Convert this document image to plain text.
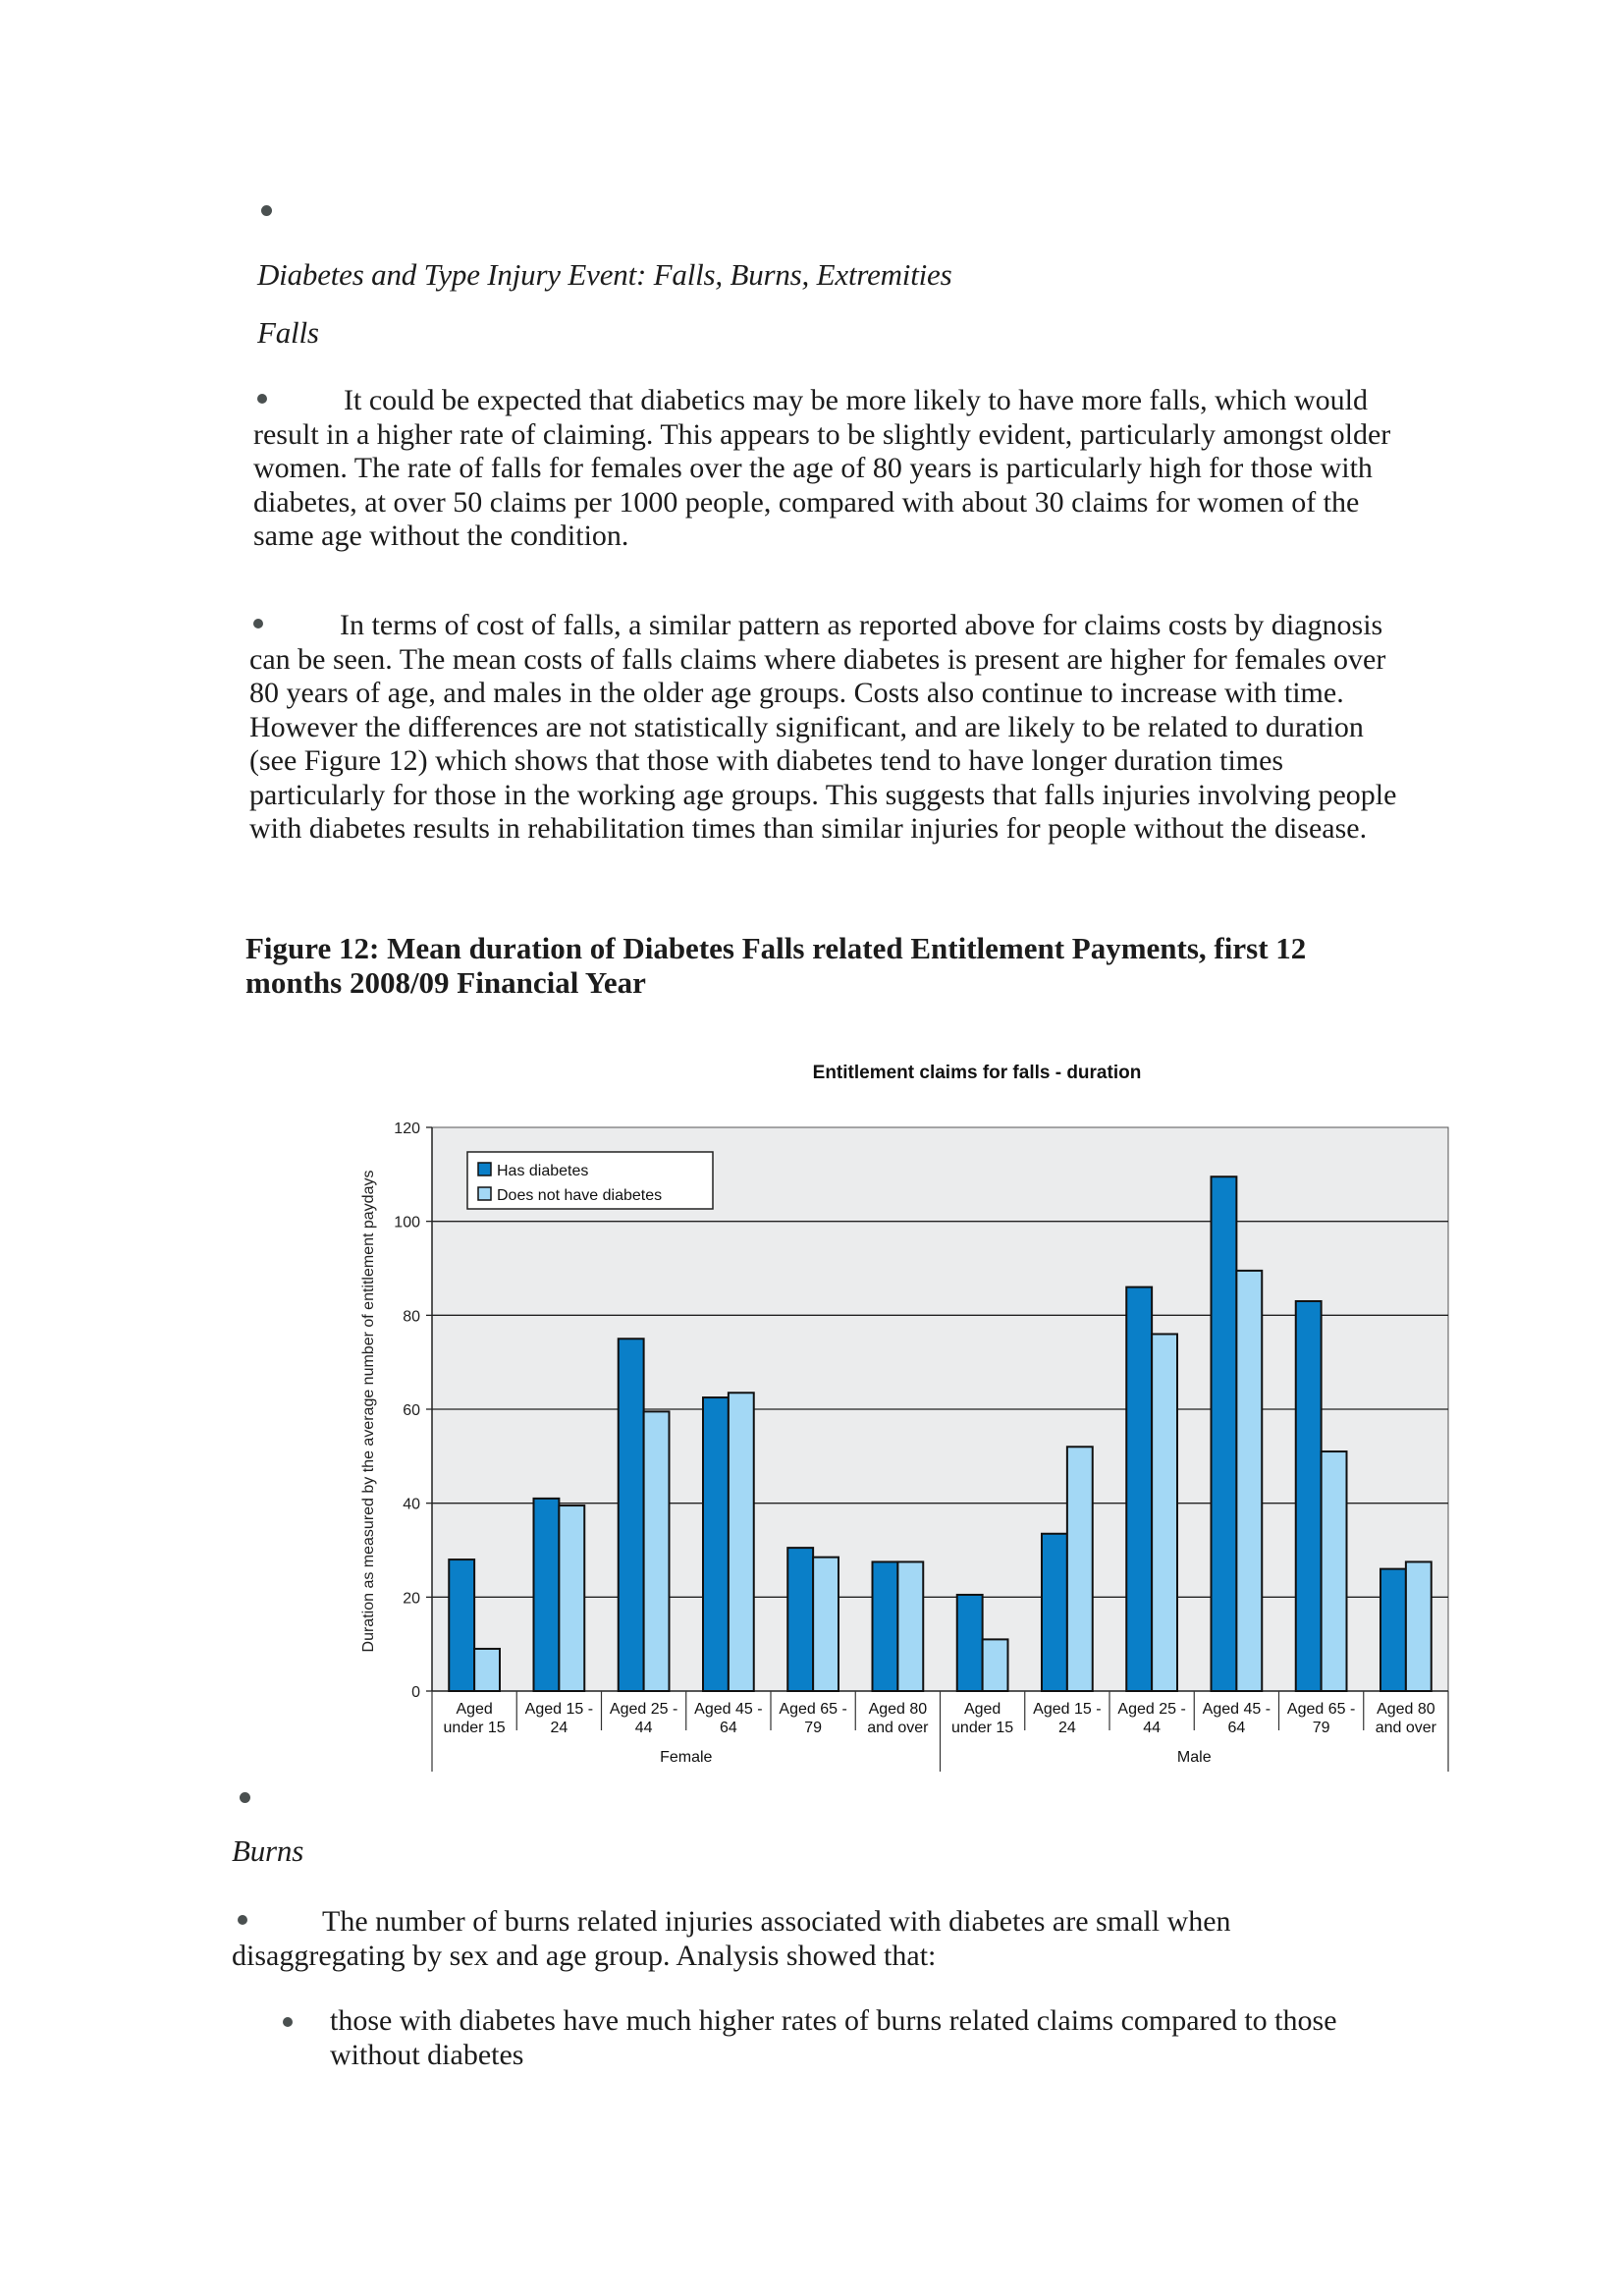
Diabetes and Type Injury Event: Falls, Burns, Extremities
Falls
It could be expected that diabetics may be more likely to have more falls, which would result in a higher rate of claiming. This appears to be slightly evident, particularly amongst older women. The rate of falls for females over the age of 80 years is particularly high for those with diabetes, at over 50 claims per 1000 people, compared with about 30 claims for women of the same age without the condition.
In terms of cost of falls, a similar pattern as reported above for claims costs by diagnosis can be seen. The mean costs of falls claims where diabetes is present are higher for females over 80 years of age, and males in the older age groups. Costs also continue to increase with time. However the differences are not statistically significant, and are likely to be related to duration (see Figure 12) which shows that those with diabetes tend to have longer duration times particularly for those in the working age groups. This suggests that falls injuries involving people with diabetes results in rehabilitation times than similar injuries for people without the disease.
Figure 12: Mean duration of Diabetes Falls related Entitlement Payments, first 12 months 2008/09 Financial Year
Entitlement claims for falls - duration
Duration as measured by the average number of entitlement paydays
0
20
40
60
80
100
120
Aged
under 15
Aged 15 -
24
Aged 25 -
44
Aged 45 -
64
Aged 65 -
79
Aged 80
and over
Aged
under 15
Aged 15 -
24
Aged 25 -
44
Aged 45 -
64
Aged 65 -
79
Aged 80
and over
Female	Male
Has diabetes
Does not have diabetes
Burns
The number of burns related injuries associated with diabetes are small when disaggregating by sex and age group. Analysis showed that:
those with diabetes have much higher rates of burns related claims compared to those without diabetes
